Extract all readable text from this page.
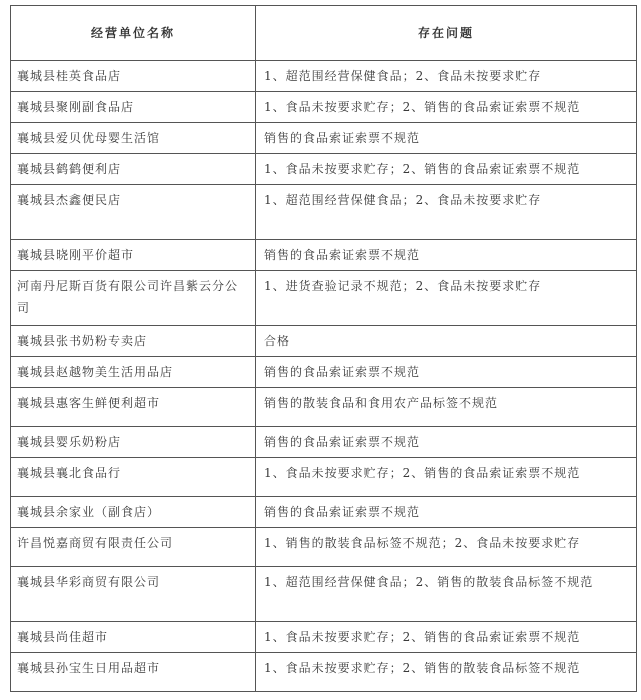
经营单位名称	存在问题
襄城县桂英食品店	1、超范围经营保健食品；2、食品未按要求贮存
襄城县聚刚副食品店	1、食品未按要求贮存；2、销售的食品索证索票不规范
襄城县爱贝优母婴生活馆	销售的食品索证索票不规范
襄城县鹤鹤便利店	1、食品未按要求贮存；2、销售的食品索证索票不规范
襄城县杰鑫便民店	1、超范围经营保健食品；2、食品未按要求贮存
襄城县晓刚平价超市	销售的食品索证索票不规范
河南丹尼斯百货有限公司许昌紫云分公司	1、进货查验记录不规范；2、食品未按要求贮存
襄城县张书奶粉专卖店	合格
襄城县赵越物美生活用品店	销售的食品索证索票不规范
襄城县惠客生鲜便利超市	销售的散装食品和食用农产品标签不规范
襄城县婴乐奶粉店	销售的食品索证索票不规范
襄城县襄北食品行	1、食品未按要求贮存；2、销售的食品索证索票不规范
襄城县余家业（副食店）	销售的食品索证索票不规范
许昌悦嘉商贸有限责任公司	1、销售的散装食品标签不规范；2、食品未按要求贮存
襄城县华彩商贸有限公司	1、超范围经营保健食品；2、销售的散装食品标签不规范
襄城县尚佳超市	1、食品未按要求贮存；2、销售的食品索证索票不规范
襄城县孙宝生日用品超市	1、食品未按要求贮存；2、销售的散装食品标签不规范
